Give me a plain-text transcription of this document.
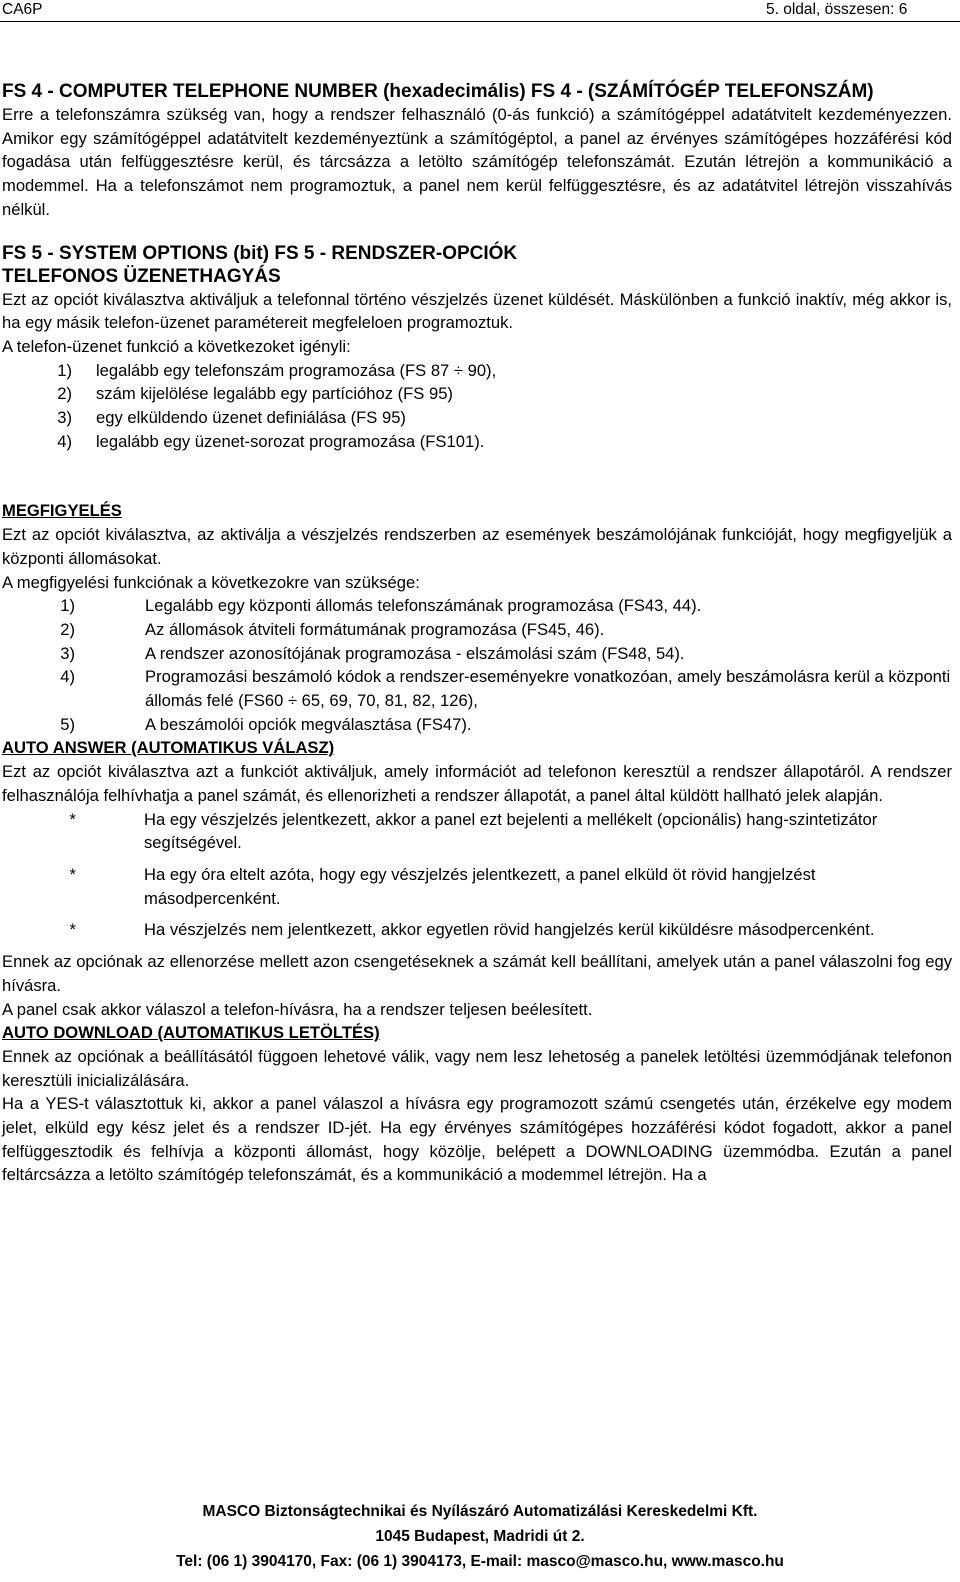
CA6P	5. oldal, összesen: 6

FS 4 - COMPUTER TELEPHONE NUMBER (hexadecimális) FS 4 - (SZÁMÍTÓGÉP TELEFONSZÁM)

Erre a telefonszámra szükség van, hogy a rendszer felhasználó (0-ás funkció) a számítógéppel adatátvitelt kezdeményezzen. Amikor egy számítógéppel adatátvitelt kezdeményeztünk a számítógéptol, a panel az érvényes számítógépes hozzáférési kód fogadása után felfüggesztésre kerül, és tárcsázza a letölto számítógép telefonszámát. Ezután létrejön a kommunikáció a modemmel. Ha a telefonszámot nem programoztuk, a panel nem kerül felfüggesztésre, és az adatátvitel létrejön visszahívás nélkül.

FS 5 - SYSTEM OPTIONS (bit) FS 5 - RENDSZER-OPCIÓK

TELEFONOS ÜZENETHAGYÁS

Ezt az opciót kiválasztva aktiváljuk a telefonnal történo vészjelzés üzenet küldését. Máskülönben a funkció inaktív, még akkor is, ha egy másik telefon-üzenet paramétereit megfeleloen programoztuk.

A telefon-üzenet funkció a következoket igényli:

1)	legalább egy telefonszám programozása (FS 87 ÷ 90),
2)	szám kijelölése legalább egy partícióhoz (FS 95)
3)	egy elküldendo üzenet definiálása (FS 95)
4)	legalább egy üzenet-sorozat programozása (FS101).

MEGFIGYELÉS

Ezt az opciót kiválasztva, az aktiválja a vészjelzés rendszerben az események beszámolójának funkcióját, hogy megfigyeljük a központi állomásokat.

A megfigyelési funkciónak a következokre van szüksége:

1)	Legalább egy központi állomás telefonszámának programozása (FS43, 44).
2)	Az állomások átviteli formátumának programozása (FS45, 46).
3)	A rendszer azonosítójának programozása - elszámolási szám (FS48, 54).
4)	Programozási beszámoló kódok a rendszer-eseményekre vonatkozóan, amely beszámolásra kerül a központi állomás felé (FS60 ÷ 65, 69, 70, 81, 82, 126),
5)	A beszámolói opciók megválasztása (FS47).

AUTO ANSWER (AUTOMATIKUS VÁLASZ)

Ezt az opciót kiválasztva azt a funkciót aktiváljuk, amely információt ad telefonon keresztül a rendszer állapotáról. A rendszer felhasználója felhívhatja a panel számát, és ellenorizheti a rendszer állapotát, a panel által küldött hallható jelek alapján.

*	Ha egy vészjelzés jelentkezett, akkor a panel ezt bejelenti a mellékelt (opcionális) hang-szintetizátor segítségével.
*	Ha egy óra eltelt azóta, hogy egy vészjelzés jelentkezett, a panel elküld öt rövid hangjelzést másodpercenként.
*	Ha vészjelzés nem jelentkezett, akkor egyetlen rövid hangjelzés kerül kiküldésre másodpercenként.

Ennek az opciónak az ellenorzése mellett azon csengetéseknek a számát kell beállítani, amelyek után a panel válaszolni fog egy hívásra.

A panel csak akkor válaszol a telefon-hívásra, ha a rendszer teljesen beélesített.

AUTO DOWNLOAD (AUTOMATIKUS LETÖLTÉS)

Ennek az opciónak a beállításától függoen lehetové válik, vagy nem lesz lehetoség a panelek letöltési üzemmódjának telefonon keresztüli inicializálására.

Ha a YES-t választottuk ki, akkor a panel válaszol a hívásra egy programozott számú csengetés után, érzékelve egy modem jelet, elküld egy kész jelet és a rendszer ID-jét. Ha egy érvényes számítógépes hozzáférési kódot fogadott, akkor a panel felfüggesztodik és felhívja a központi állomást, hogy közölje, belépett a DOWNLOADING üzemmódba. Ezután a panel feltárcsázza a letölto számítógép telefonszámát, és a kommunikáció a modemmel létrejön. Ha a

MASCO Biztonságtechnikai és Nyílászáró Automatizálási Kereskedelmi Kft.
1045 Budapest, Madridi út 2.
Tel: (06 1) 3904170, Fax: (06 1) 3904173, E-mail: masco@masco.hu, www.masco.hu
